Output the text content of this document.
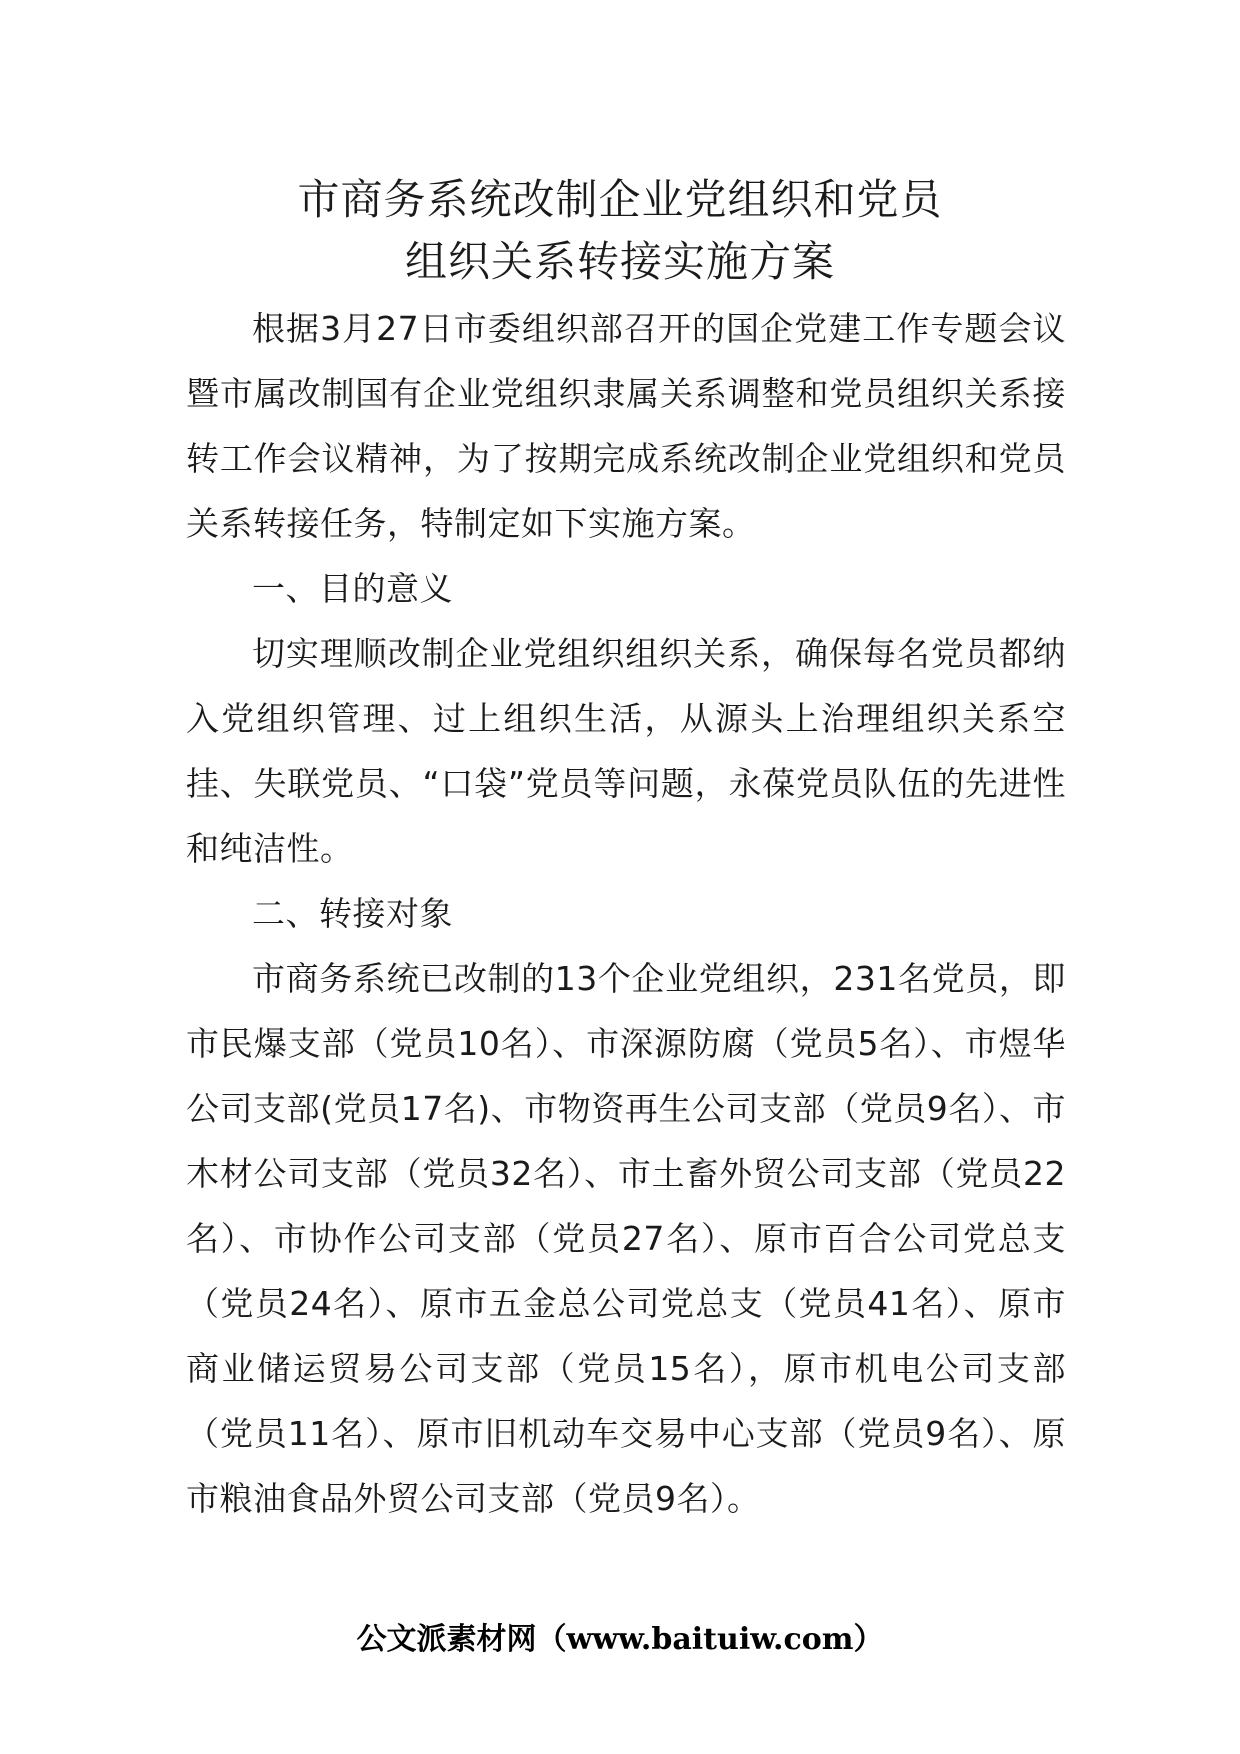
市商务系统改制企业党组织和党员
组织关系转接实施方案

根据3月27日市委组织部召开的国企党建工作专题会议暨市属改制国有企业党组织隶属关系调整和党员组织关系接转工作会议精神，为了按期完成系统改制企业党组织和党员关系转接任务，特制定如下实施方案。

一、目的意义

切实理顺改制企业党组织组织关系，确保每名党员都纳入党组织管理、过上组织生活，从源头上治理组织关系空挂、失联党员、“口袋”党员等问题，永葆党员队伍的先进性和纯洁性。

二、转接对象

市商务系统已改制的13个企业党组织，231名党员，即市民爆支部（党员10名）、市深源防腐（党员5名）、市煜华公司支部(党员17名)、市物资再生公司支部（党员9名）、市木材公司支部（党员32名）、市土畜外贸公司支部（党员22名）、市协作公司支部（党员27名）、原市百合公司党总支（党员24名）、原市五金总公司党总支（党员41名）、原市商业储运贸易公司支部（党员15名），原市机电公司支部（党员11名）、原市旧机动车交易中心支部（党员9名）、原市粮油食品外贸公司支部（党员9名）。

公文派素材网（www.baituiw.com）
